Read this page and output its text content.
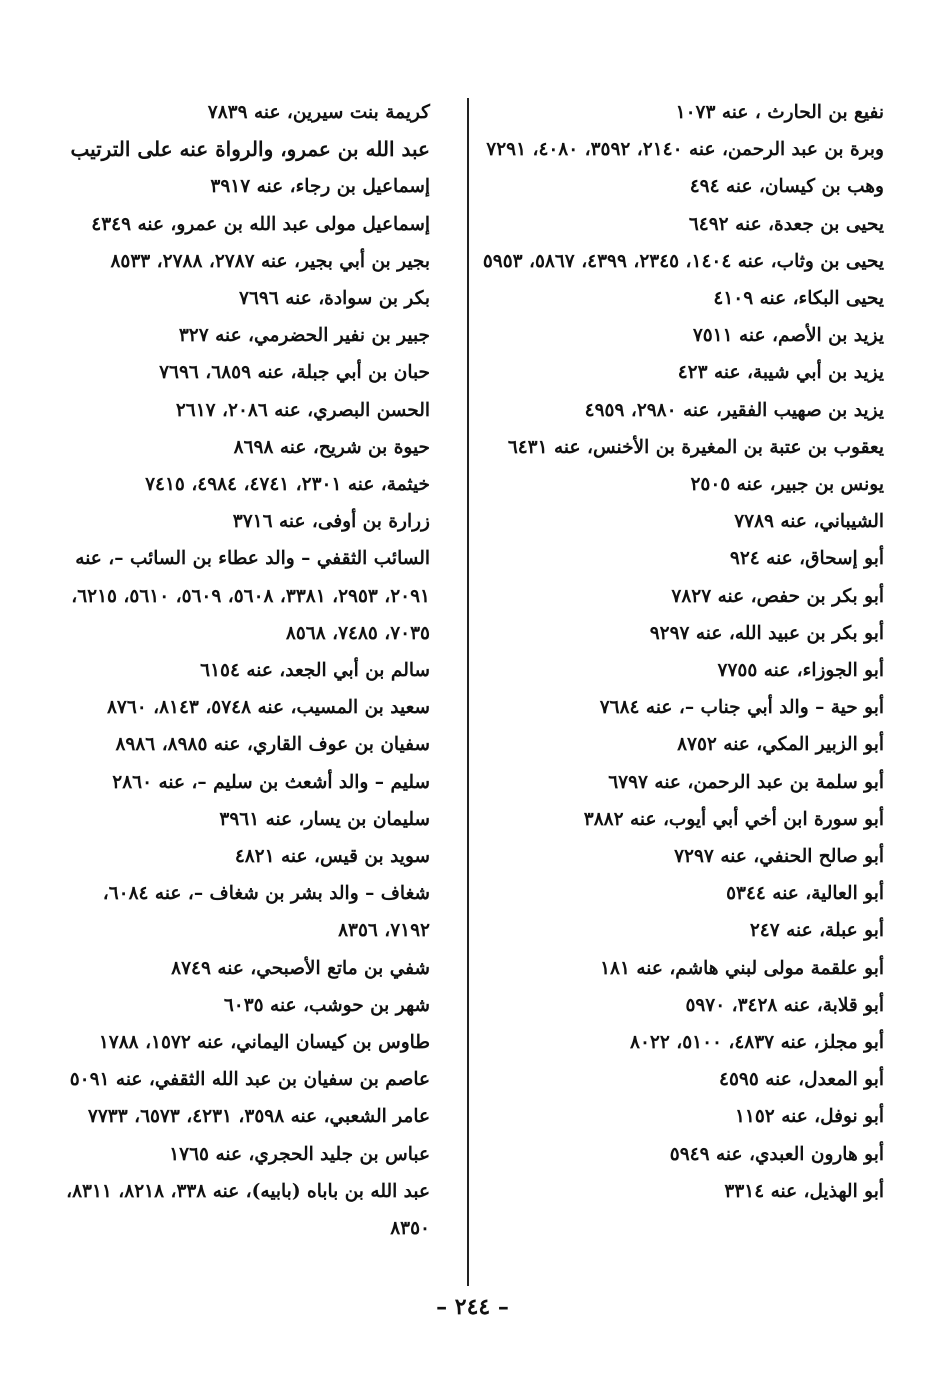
نفيع بن الحارث ، عنه ١٠٧٣
وبرة بن عبد الرحمن، عنه ٢١٤٠، ٣٥٩٢، ٤٠٨٠، ٧٢٩١
وهب بن كيسان، عنه ٤٩٤
يحيى بن جعدة، عنه ٦٤٩٢
يحيى بن وثاب، عنه ١٤٠٤، ٢٣٤٥، ٤٣٩٩، ٥٨٦٧، ٥٩٥٣
يحيى البكاء، عنه ٤١٠٩
يزيد بن الأصم، عنه ٧٥١١
يزيد بن أبي شيبة، عنه ٤٢٣
يزيد بن صهيب الفقير، عنه ٢٩٨٠، ٤٩٥٩
يعقوب بن عتبة بن المغيرة بن الأخنس، عنه ٦٤٣١
يونس بن جبير، عنه ٢٥٠٥
الشيباني، عنه ٧٧٨٩
أبو إسحاق، عنه ٩٢٤
أبو بكر بن حفص، عنه ٧٨٢٧
أبو بكر بن عبيد الله، عنه ٩٢٩٧
أبو الجوزاء، عنه ٧٧٥٥
أبو حية – والد أبي جناب –، عنه ٧٦٨٤
أبو الزبير المكي، عنه ٨٧٥٢
أبو سلمة بن عبد الرحمن، عنه ٦٧٩٧
أبو سورة ابن أخي أبي أيوب، عنه ٣٨٨٢
أبو صالح الحنفي، عنه ٧٢٩٧
أبو العالية، عنه ٥٣٤٤
أبو عبلة، عنه ٢٤٧
أبو علقمة مولى لبني هاشم، عنه ١٨١
أبو قلابة، عنه ٣٤٢٨، ٥٩٧٠
أبو مجلز، عنه ٤٨٣٧، ٥١٠٠، ٨٠٢٢
أبو المعدل، عنه ٤٥٩٥
أبو نوفل، عنه ١١٥٢
أبو هارون العبدي، عنه ٥٩٤٩
أبو الهذيل، عنه ٣٣١٤
كريمة بنت سيرين، عنه ٧٨٣٩
عبد الله بن عمرو، والرواة عنه على الترتيب
إسماعيل بن رجاء، عنه ٣٩١٧
إسماعيل مولى عبد الله بن عمرو، عنه ٤٣٤٩
بجير بن أبي بجير، عنه ٢٧٨٧، ٢٧٨٨، ٨٥٣٣
بكر بن سوادة، عنه ٧٦٩٦
جبير بن نفير الحضرمي، عنه ٣٢٧
حبان بن أبي جبلة، عنه ٦٨٥٩، ٧٦٩٦
الحسن البصري، عنه ٢٠٨٦، ٢٦١٧
حيوة بن شريح، عنه ٨٦٩٨
خيثمة، عنه ٢٣٠١، ٤٧٤١، ٤٩٨٤، ٧٤١٥
زرارة بن أوفى، عنه ٣٧١٦
السائب الثقفي – والد عطاء بن السائب –، عنه ٢٠٩١، ٢٩٥٣، ٣٣٨١، ٥٦٠٨، ٥٦٠٩، ٥٦١٠، ٦٢١٥، ٧٠٣٥، ٧٤٨٥، ٨٥٦٨
سالم بن أبي الجعد، عنه ٦١٥٤
سعيد بن المسيب، عنه ٥٧٤٨، ٨١٤٣، ٨٧٦٠
سفيان بن عوف القاري، عنه ٨٩٨٥، ٨٩٨٦
سليم – والد أشعث بن سليم –، عنه ٢٨٦٠
سليمان بن يسار، عنه ٣٩٦١
سويد بن قيس، عنه ٤٨٢١
شغاف – والد بشر بن شغاف –، عنه ٦٠٨٤، ٧١٩٢، ٨٣٥٦
شفي بن ماتع الأصبحي، عنه ٨٧٤٩
شهر بن حوشب، عنه ٦٠٣٥
طاوس بن كيسان اليماني، عنه ١٥٧٢، ١٧٨٨
عاصم بن سفيان بن عبد الله الثقفي، عنه ٥٠٩١
عامر الشعبي، عنه ٣٥٩٨، ٤٢٣١، ٦٥٧٣، ٧٧٣٣
عباس بن جليد الحجري، عنه ١٧٦٥
عبد الله بن باباه (بابيه)، عنه ٣٣٨، ٨٢١٨، ٨٣١١، ٨٣٥٠
– ٢٤٤ –
